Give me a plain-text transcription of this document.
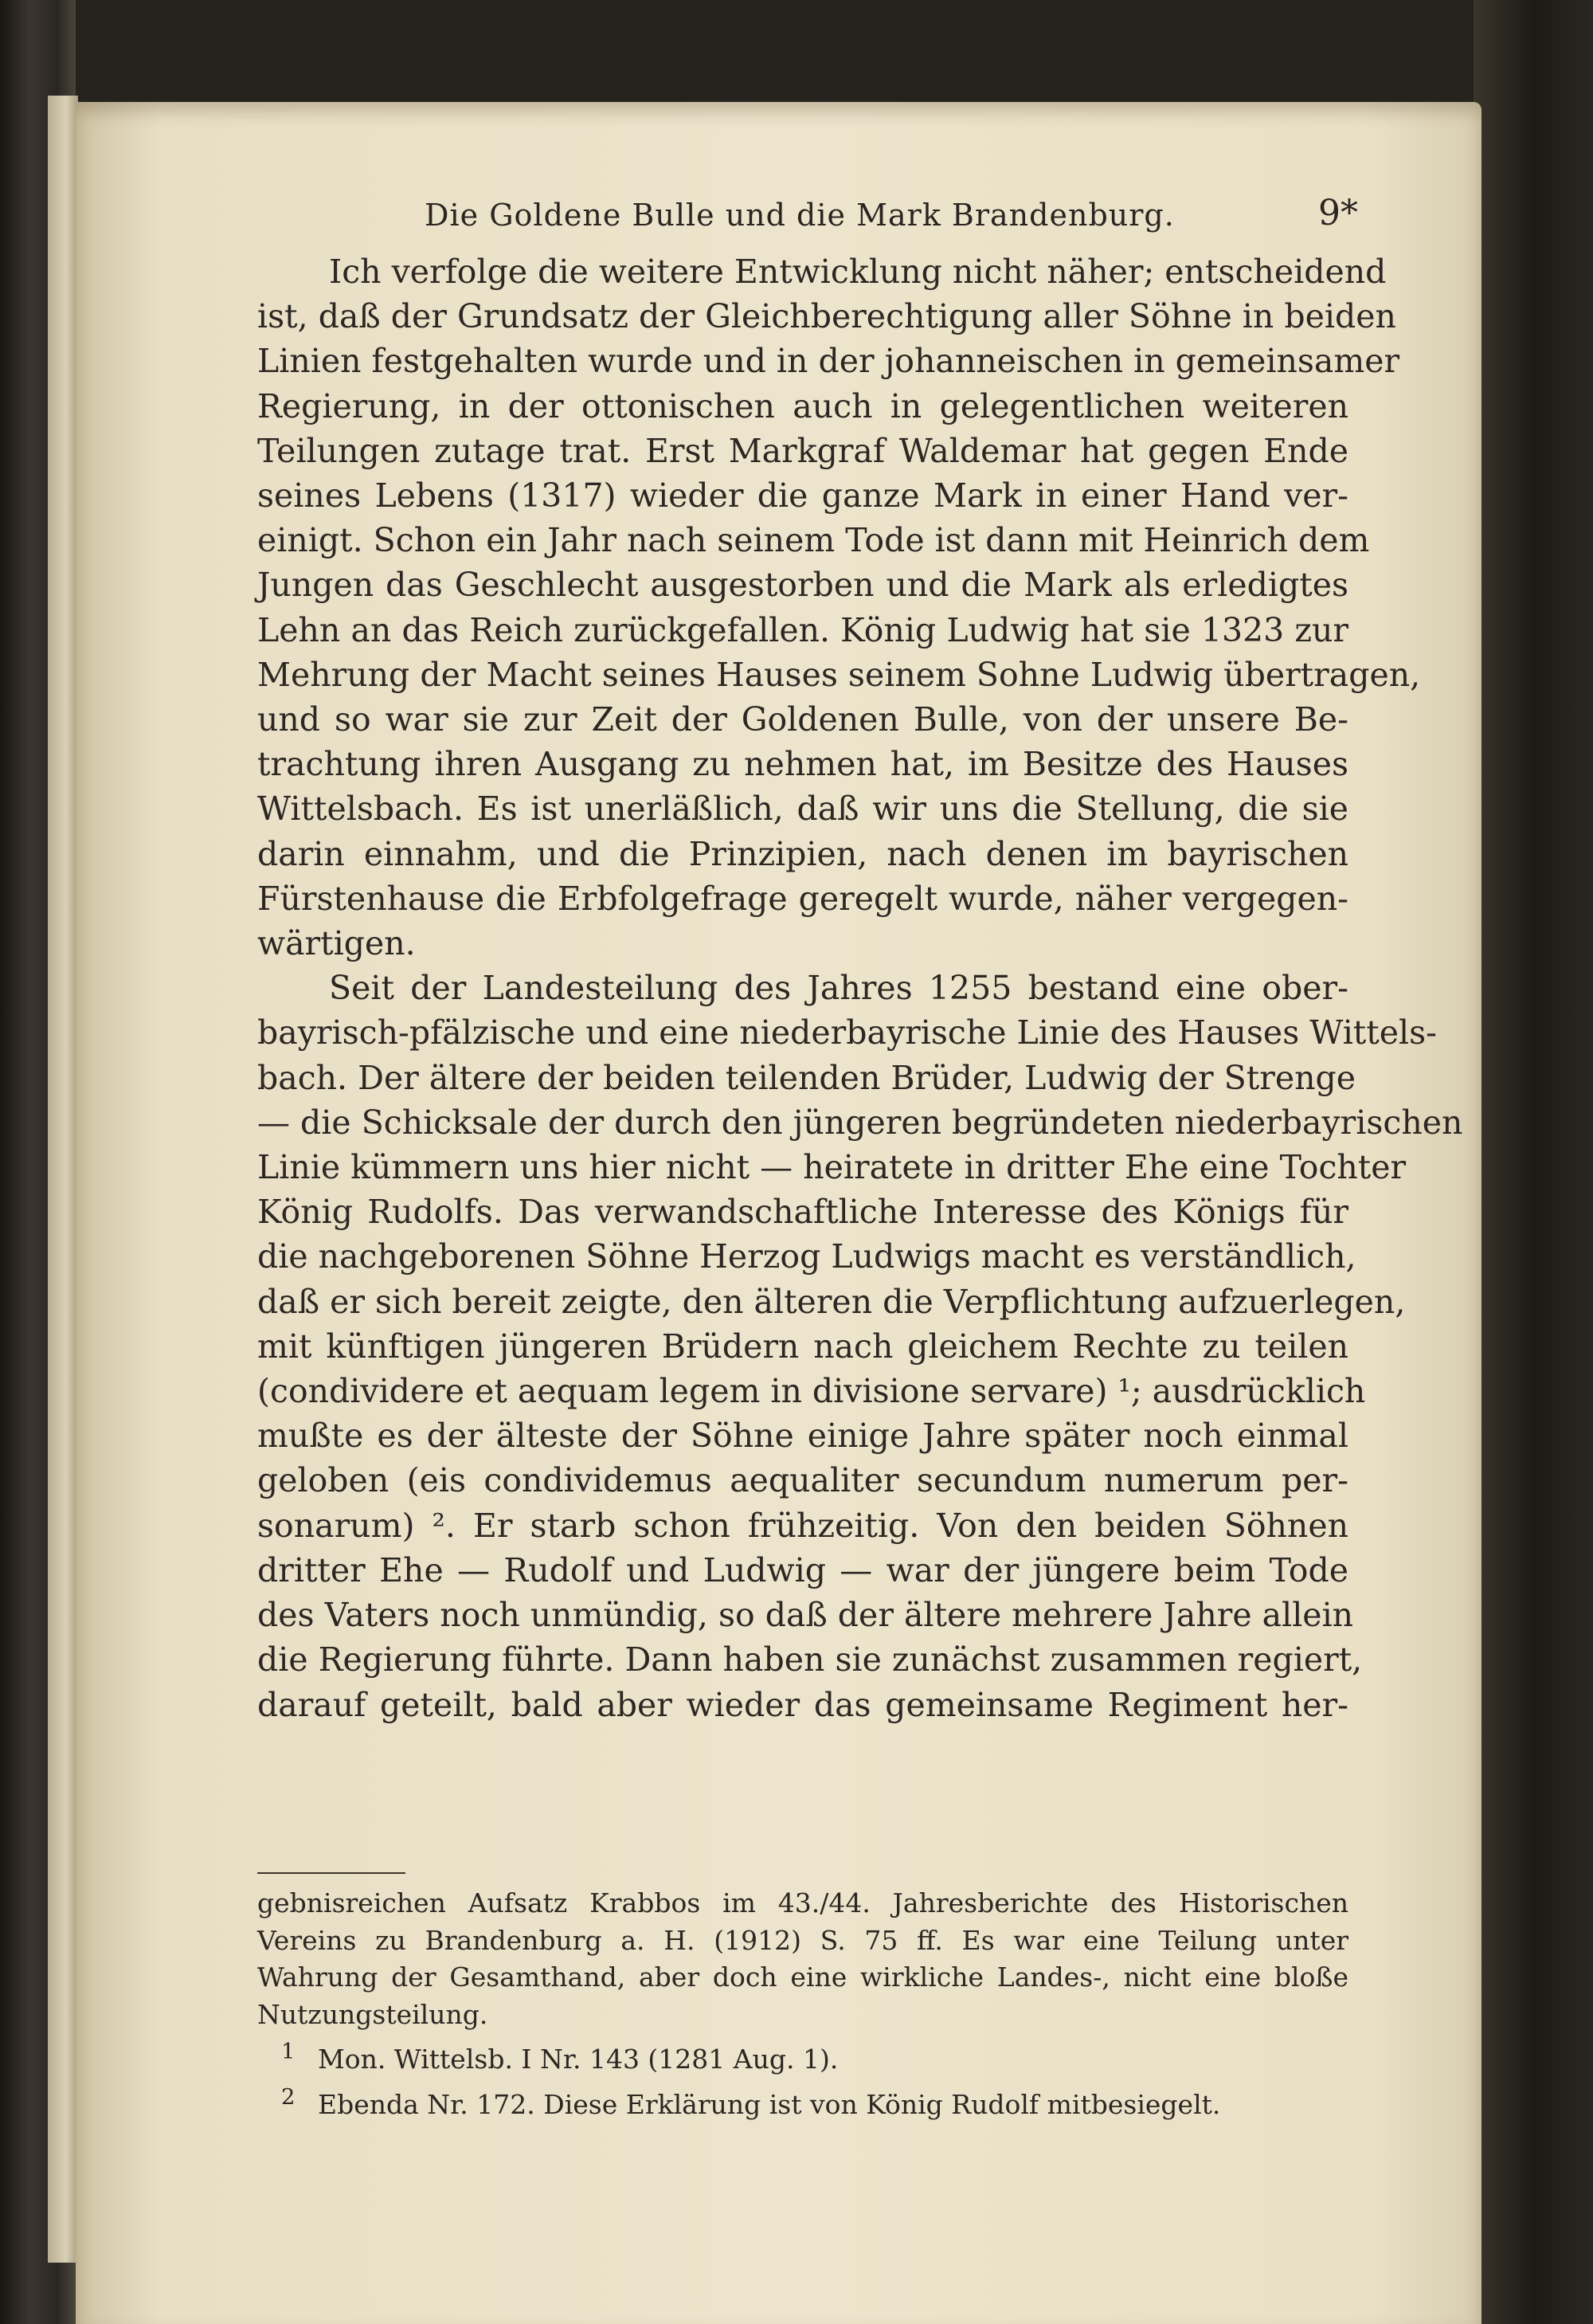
Die Goldene Bulle und die Mark Brandenburg.	9*
Ich verfolge die weitere Entwicklung nicht näher; entscheidend
ist, daß der Grundsatz der Gleichberechtigung aller Söhne in beiden
Linien festgehalten wurde und in der johanneischen in gemeinsamer
Regierung, in der ottonischen auch in gelegentlichen weiteren
Teilungen zutage trat. Erst Markgraf Waldemar hat gegen Ende
seines Lebens (1317) wieder die ganze Mark in einer Hand ver-
einigt. Schon ein Jahr nach seinem Tode ist dann mit Heinrich dem
Jungen das Geschlecht ausgestorben und die Mark als erledigtes
Lehn an das Reich zurückgefallen. König Ludwig hat sie 1323 zur
Mehrung der Macht seines Hauses seinem Sohne Ludwig übertragen,
und so war sie zur Zeit der Goldenen Bulle, von der unsere Be-
trachtung ihren Ausgang zu nehmen hat, im Besitze des Hauses
Wittelsbach. Es ist unerläßlich, daß wir uns die Stellung, die sie
darin einnahm, und die Prinzipien, nach denen im bayrischen
Fürstenhause die Erbfolgefrage geregelt wurde, näher vergegen-
wärtigen.
Seit der Landesteilung des Jahres 1255 bestand eine ober-
bayrisch-pfälzische und eine niederbayrische Linie des Hauses Wittels-
bach. Der ältere der beiden teilenden Brüder, Ludwig der Strenge
— die Schicksale der durch den jüngeren begründeten niederbayrischen
Linie kümmern uns hier nicht — heiratete in dritter Ehe eine Tochter
König Rudolfs. Das verwandschaftliche Interesse des Königs für
die nachgeborenen Söhne Herzog Ludwigs macht es verständlich,
daß er sich bereit zeigte, den älteren die Verpflichtung aufzuerlegen,
mit künftigen jüngeren Brüdern nach gleichem Rechte zu teilen
(condividere et aequam legem in divisione servare) ¹; ausdrücklich
mußte es der älteste der Söhne einige Jahre später noch einmal
geloben (eis condividemus aequaliter secundum numerum per-
sonarum) ². Er starb schon frühzeitig. Von den beiden Söhnen
dritter Ehe — Rudolf und Ludwig — war der jüngere beim Tode
des Vaters noch unmündig, so daß der ältere mehrere Jahre allein
die Regierung führte. Dann haben sie zunächst zusammen regiert,
darauf geteilt, bald aber wieder das gemeinsame Regiment her-
gebnisreichen Aufsatz Krabbos im 43./44. Jahresberichte des Historischen
Vereins zu Brandenburg a. H. (1912) S. 75 ff. Es war eine Teilung unter
Wahrung der Gesamthand, aber doch eine wirkliche Landes-, nicht eine bloße
Nutzungsteilung.
$^1$ Mon. Wittelsb. I Nr. 143 (1281 Aug. 1).
$^2$ Ebenda Nr. 172. Diese Erklärung ist von König Rudolf mitbesiegelt.
